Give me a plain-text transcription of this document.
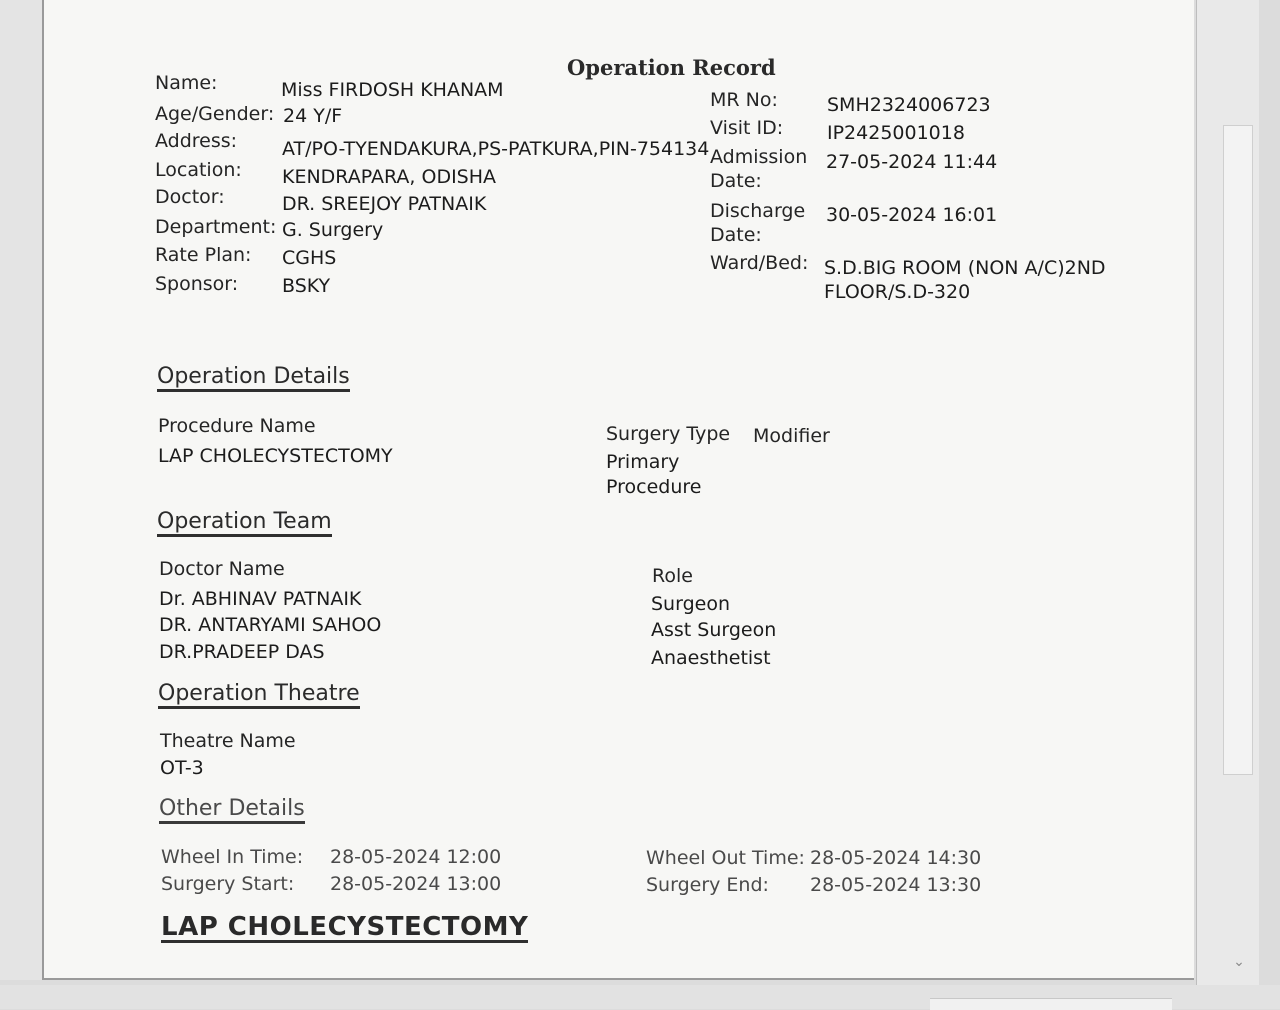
Operation Record
Name:	Miss FIRDOSH KHANAM
Age/Gender: 24 Y/F
Address: AT/PO-TYENDAKURA,PS-PATKURA,PIN-754134
Location: KENDRAPARA, ODISHA
Doctor:	DR. SREEJOY PATNAIK
Department: G. Surgery
Rate Plan: CGHS
Sponsor: BSKY
MR No:	SMH2324006723
Visit ID: IP2425001018
Admission
Date:
27-05-2024 11:44
Discharge
Date:
30-05-2024 16:01
Ward/Bed: S.D.BIG ROOM (NON A/C)2ND
FLOOR/S.D-320
Operation Details
Procedure Name
LAP CHOLECYSTECTOMY
Surgery Type Modifier
Primary
Procedure
Operation Team
Doctor Name	Role
Dr. ABHINAV PATNAIK	Surgeon
DR. ANTARYAMI SAHOO	Asst Surgeon
DR.PRADEEP DAS	Anaesthetist
Operation Theatre
Theatre Name
OT-3
Other Details
Wheel In Time: 28-05-2024 12:00
Surgery Start: 28-05-2024 13:00
Wheel Out Time: 28-05-2024 14:30
Surgery End: 28-05-2024 13:30
LAP CHOLECYSTECTOMY
⌄
